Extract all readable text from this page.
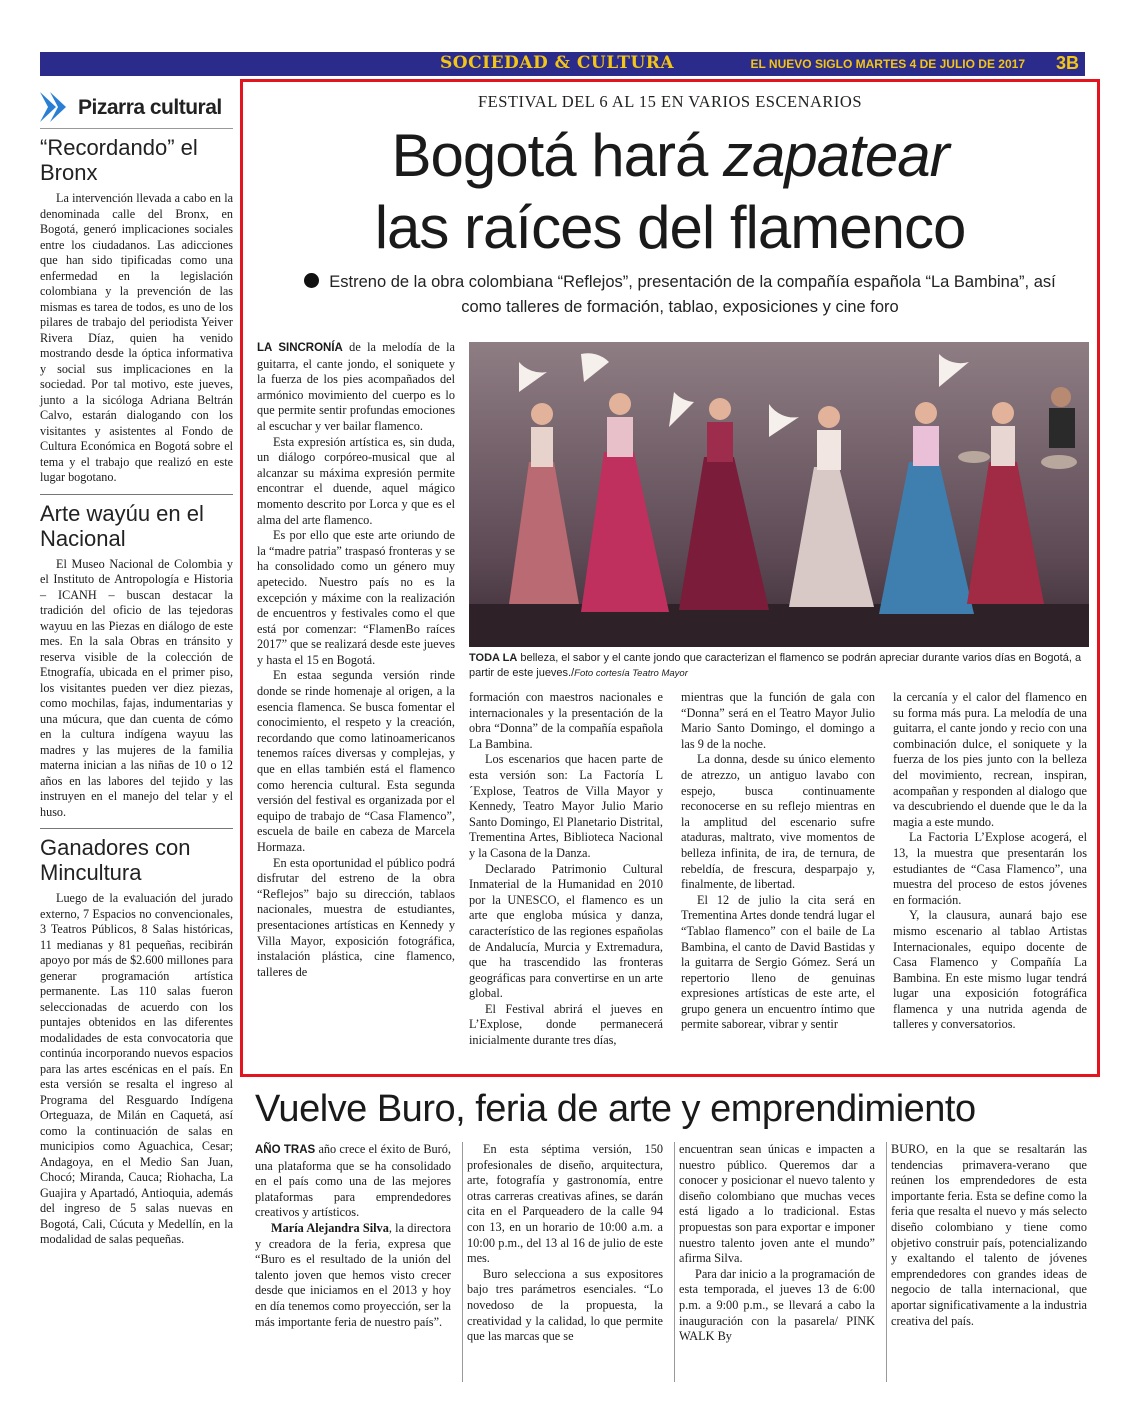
SOCIEDAD & CULTURA	EL NUEVO SIGLO MARTES 4 DE JULIO DE 2017 3B
Pizarra cultural
“Recordando” el Bronx

La intervención llevada a cabo en la denominada calle del Bronx, en Bogotá, generó implicaciones sociales entre los ciudadanos. Las adicciones que han sido tipificadas como una enfermedad en la legislación colombiana y la prevención de las mismas es tarea de todos, es uno de los pilares de trabajo del periodista Yeiver Rivera Díaz, quien ha venido mostrando desde la óptica informativa y social sus implicaciones en la sociedad. Por tal motivo, este jueves, junto a la sicóloga Adriana Beltrán Calvo, estarán dialogando con los visitantes y asistentes al Fondo de Cultura Económica en Bogotá sobre el tema y el trabajo que realizó en este lugar bogotano.

Arte wayúu en el Nacional

El Museo Nacional de Colombia y el Instituto de Antropología e Historia – ICANH – buscan destacar la tradición del oficio de las tejedoras wayuu en las Piezas en diálogo de este mes. En la sala Obras en tránsito y reserva visible de la colección de Etnografía, ubicada en el primer piso, los visitantes pueden ver diez piezas, como mochilas, fajas, indumentarias y una múcura, que dan cuenta de cómo en la cultura indígena wayuu las madres y las mujeres de la familia materna inician a las niñas de 10 o 12 años en las labores del tejido y las instruyen en el manejo del telar y el huso.

Ganadores con Mincultura

Luego de la evaluación del jurado externo, 7 Espacios no convencionales, 3 Teatros Públicos, 8 Salas históricas, 11 medianas y 81 pequeñas, recibirán apoyo por más de $2.600 millones para generar programación artística permanente. Las 110 salas fueron seleccionadas de acuerdo con los puntajes obtenidos en las diferentes modalidades de esta convocatoria que continúa incorporando nuevos espacios para las artes escénicas en el país. En esta versión se resalta el ingreso al Programa del Resguardo Indígena Orteguaza, de Milán en Caquetá, así como la continuación de salas en municipios como Aguachica, Cesar; Andagoya, en el Medio San Juan, Chocó; Miranda, Cauca; Riohacha, La Guajira y Apartadó, Antioquia, además del ingreso de 5 salas nuevas en Bogotá, Cali, Cúcuta y Medellín, en la modalidad de salas pequeñas.

FESTIVAL DEL 6 AL 15 EN VARIOS ESCENARIOS
Bogotá hará zapatear
las raíces del flamenco
Estreno de la obra colombiana “Reflejos”, presentación de la compañía española “La Bambina”, así como talleres de formación, tablao, exposiciones y cine foro

LA SINCRONÍA de la melodía de la guitarra, el cante jondo, el soniquete y la fuerza de los pies acompañados del armónico movimiento del cuerpo es lo que permite sentir profundas emociones al escuchar y ver bailar flamenco.

Esta expresión artística es, sin duda, un diálogo corpóreo-musical que al alcanzar su máxima expresión permite encontrar el duende, aquel mágico momento descrito por Lorca y que es el alma del arte flamenco.

Es por ello que este arte oriundo de la “madre patria” traspasó fronteras y se ha consolidado como un género muy apetecido. Nuestro país no es la excepción y máxime con la realización de encuentros y festivales como el que está por comenzar: “FlamenBo raíces 2017” que se realizará desde este jueves y hasta el 15 en Bogotá.

En estaa segunda versión rinde donde se rinde homenaje al origen, a la esencia flamenca. Se busca fomentar el conocimiento, el respeto y la creación, recordando que como latinoamericanos tenemos raíces diversas y complejas, y que en ellas también está el flamenco como herencia cultural. Esta segunda versión del festival es organizada por el equipo de trabajo de “Casa Flamenco”, escuela de baile en cabeza de Marcela Hormaza.

En esta oportunidad el público podrá disfrutar del estreno de la obra “Reflejos” bajo su dirección, tablaos nacionales, muestra de estudiantes, presentaciones artísticas en Kennedy y Villa Mayor, exposición fotográfica, instalación plástica, cine flamenco, talleres de

TODA LA belleza, el sabor y el cante jondo que caracterizan el flamenco se podrán apreciar durante varios días en Bogotá, a partir de este jueves./Foto cortesía Teatro Mayor

formación con maestros nacionales e internacionales y la presentación de la obra “Donna” de la compañía española La Bambina.

Los escenarios que hacen parte de esta versión son: La Factoría L´Explose, Teatros de Villa Mayor y Kennedy, Teatro Mayor Julio Mario Santo Domingo, El Planetario Distrital, Trementina Artes, Biblioteca Nacional y la Casona de la Danza.

Declarado Patrimonio Cultural Inmaterial de la Humanidad en 2010 por la UNESCO, el flamenco es un arte que engloba música y danza, característico de las regiones españolas de Andalucía, Murcia y Extremadura, que ha trascendido las fronteras geográficas para convertirse en un arte global.

El Festival abrirá el jueves en L’Explose, donde permanecerá inicialmente durante tres días,

mientras que la función de gala con “Donna” será en el Teatro Mayor Julio Mario Santo Domingo, el domingo a las 9 de la noche.

La donna, desde su único elemento de atrezzo, un antiguo lavabo con espejo, busca continuamente reconocerse en su reflejo mientras en la amplitud del escenario sufre ataduras, maltrato, vive momentos de belleza infinita, de ira, de ternura, de rebeldía, de frescura, desparpajo y, finalmente, de libertad.

El 12 de julio la cita será en Trementina Artes donde tendrá lugar el “Tablao flamenco” con el baile de La Bambina, el canto de David Bastidas y la guitarra de Sergio Gómez. Será un repertorio lleno de genuinas expresiones artísticas de este arte, el grupo genera un encuentro íntimo que permite saborear, vibrar y sentir

la cercanía y el calor del flamenco en su forma más pura. La melodía de una guitarra, el cante jondo y recio con una combinación dulce, el soniquete y la fuerza de los pies junto con la belleza del movimiento, recrean, inspiran, acompañan y responden al dialogo que va descubriendo el duende que le da la magia a este mundo.

La Factoria L’Explose acogerá, el 13, la muestra que presentarán los estudiantes de “Casa Flamenco”, una muestra del proceso de estos jóvenes en formación.

Y, la clausura, aunará bajo ese mismo escenario al tablao Artistas Internacionales, equipo docente de Casa Flamenco y Compañía La Bambina. En este mismo lugar tendrá lugar una exposición fotográfica flamenca y una nutrida agenda de talleres y conversatorios.

Vuelve Buro, feria de arte y emprendimiento

AÑO TRAS año crece el éxito de Buró, una plataforma que se ha consolidado en el país como una de las mejores plataformas para emprendedores creativos y artísticos.

María Alejandra Silva, la directora y creadora de la feria, expresa que “Buro es el resultado de la unión del talento joven que hemos visto crecer desde que iniciamos en el 2013 y hoy en día tenemos como proyección, ser la más importante feria de nuestro país”.

En esta séptima versión, 150 profesionales de diseño, arquitectura, arte, fotografía y gastronomía, entre otras carreras creativas afines, se darán cita en el Parqueadero de la calle 94 con 13, en un horario de 10:00 a.m. a 10:00 p.m., del 13 al 16 de julio de este mes.

Buro selecciona a sus expositores bajo tres parámetros esenciales. “Lo novedoso de la propuesta, la creatividad y la calidad, lo que permite que las marcas que se

encuentran sean únicas e impacten a nuestro público. Queremos dar a conocer y posicionar el nuevo talento y diseño colombiano que muchas veces está ligado a lo tradicional. Estas propuestas son para exportar e imponer nuestro talento joven ante el mundo” afirma Silva.

Para dar inicio a la programación de esta temporada, el jueves 13 de 6:00 p.m. a 9:00 p.m., se llevará a cabo la inauguración con la pasarela/ PINK WALK By

BURO, en la que se resaltarán las tendencias primavera-verano que reúnen los emprendedores de esta importante feria. Esta se define como la feria que resalta el nuevo y más selecto diseño colombiano y tiene como objetivo construir país, potencializando y exaltando el talento de jóvenes emprendedores con grandes ideas de negocio de talla internacional, que aportar significativamente a la industria creativa del país.
